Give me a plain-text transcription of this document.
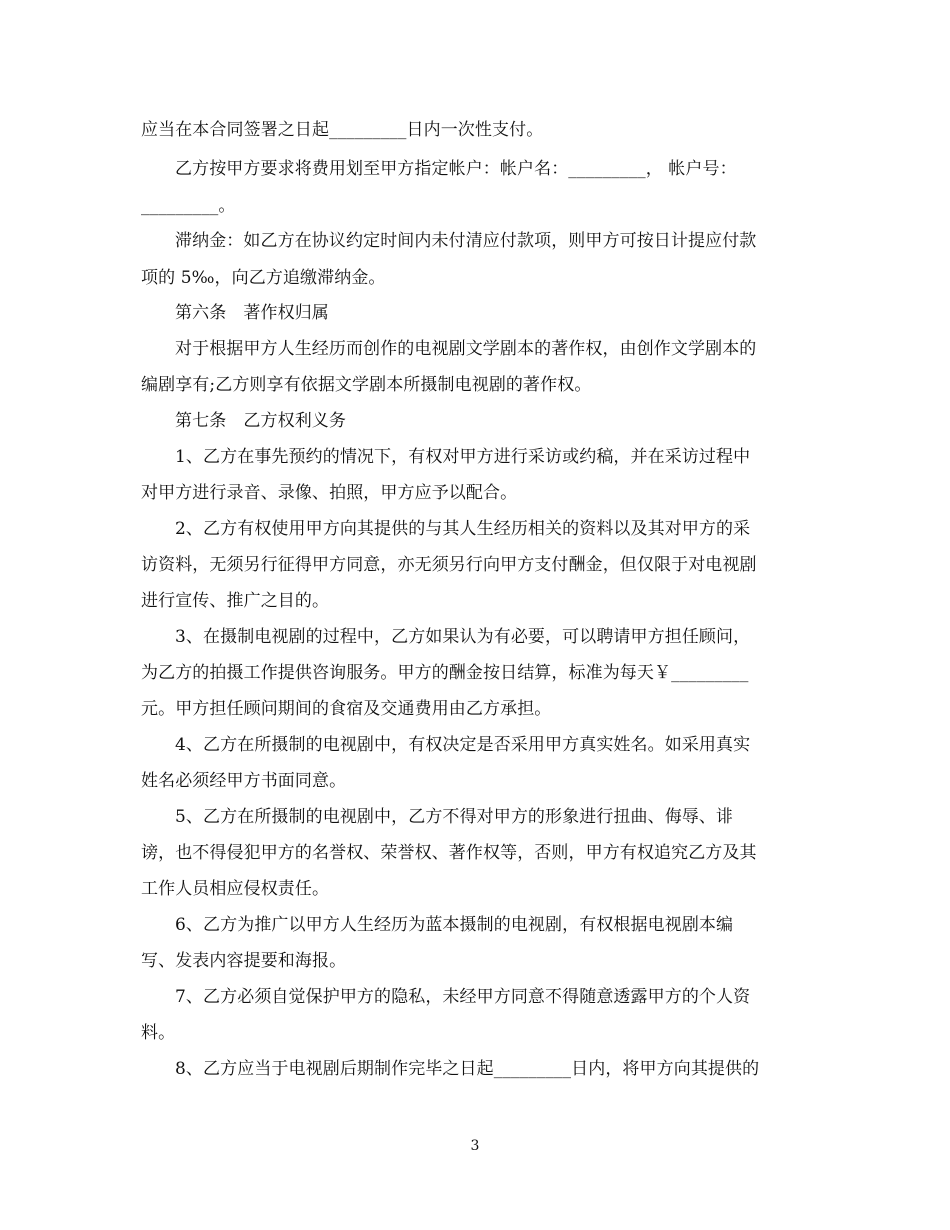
应当在本合同签署之日起_________日内一次性支付。
乙方按甲方要求将费用划至甲方指定帐户：帐户名：_________， 帐户号：
_________。
滞纳金：如乙方在协议约定时间内未付清应付款项，则甲方可按日计提应付款
项的 5‰，向乙方追缴滞纳金。
第六条　著作权归属
对于根据甲方人生经历而创作的电视剧文学剧本的著作权，由创作文学剧本的
编剧享有;乙方则享有依据文学剧本所摄制电视剧的著作权。
第七条　乙方权利义务
1、乙方在事先预约的情况下，有权对甲方进行采访或约稿，并在采访过程中
对甲方进行录音、录像、拍照，甲方应予以配合。
2、乙方有权使用甲方向其提供的与其人生经历相关的资料以及其对甲方的采
访资料，无须另行征得甲方同意，亦无须另行向甲方支付酬金，但仅限于对电视剧
进行宣传、推广之目的。
3、在摄制电视剧的过程中，乙方如果认为有必要，可以聘请甲方担任顾问，
为乙方的拍摄工作提供咨询服务。甲方的酬金按日结算，标准为每天￥_________
元。甲方担任顾问期间的食宿及交通费用由乙方承担。
4、乙方在所摄制的电视剧中，有权决定是否采用甲方真实姓名。如采用真实
姓名必须经甲方书面同意。
5、乙方在所摄制的电视剧中，乙方不得对甲方的形象进行扭曲、侮辱、诽
谤，也不得侵犯甲方的名誉权、荣誉权、著作权等，否则，甲方有权追究乙方及其
工作人员相应侵权责任。
6、乙方为推广以甲方人生经历为蓝本摄制的电视剧，有权根据电视剧本编
写、发表内容提要和海报。
7、乙方必须自觉保护甲方的隐私，未经甲方同意不得随意透露甲方的个人资
料。
8、乙方应当于电视剧后期制作完毕之日起_________日内，将甲方向其提供的
3
